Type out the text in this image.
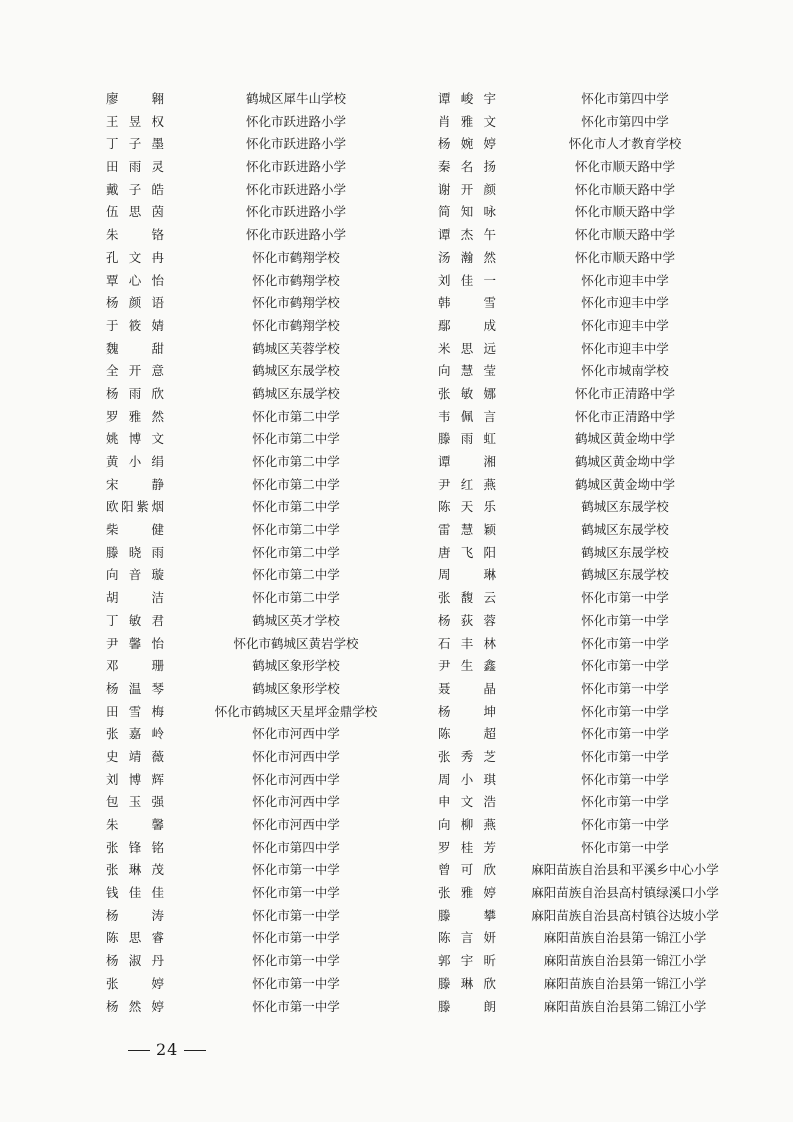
廖翱	鹤城区犀牛山学校
王昱权	怀化市跃进路小学
丁子墨	怀化市跃进路小学
田雨灵	怀化市跃进路小学
戴子皓	怀化市跃进路小学
伍思茵	怀化市跃进路小学
朱铬	怀化市跃进路小学
孔文冉	怀化市鹤翔学校
覃心怡	怀化市鹤翔学校
杨颜语	怀化市鹤翔学校
于筱婧	怀化市鹤翔学校
魏甜	鹤城区芙蓉学校
全开意	鹤城区东晟学校
杨雨欣	鹤城区东晟学校
罗雅然	怀化市第二中学
姚博文	怀化市第二中学
黄小绢	怀化市第二中学
宋静	怀化市第二中学
欧阳紫烟	怀化市第二中学
柴健	怀化市第二中学
滕晓雨	怀化市第二中学
向音璇	怀化市第二中学
胡洁	怀化市第二中学
丁敏君	鹤城区英才学校
尹馨怡	怀化市鹤城区黄岩学校
邓珊	鹤城区象形学校
杨温琴	鹤城区象形学校
田雪梅	怀化市鹤城区天星坪金鼎学校
张嘉岭	怀化市河西中学
史靖薇	怀化市河西中学
刘博辉	怀化市河西中学
包玉强	怀化市河西中学
朱馨	怀化市河西中学
张锋铭	怀化市第四中学
张琳茂	怀化市第一中学
钱佳佳	怀化市第一中学
杨涛	怀化市第一中学
陈思睿	怀化市第一中学
杨淑丹	怀化市第一中学
张婷	怀化市第一中学
杨然婷	怀化市第一中学
谭峻宇	怀化市第四中学
肖雅文	怀化市第四中学
杨婉婷	怀化市人才教育学校
秦名扬	怀化市顺天路中学
谢开颜	怀化市顺天路中学
简知咏	怀化市顺天路中学
谭杰午	怀化市顺天路中学
汤瀚然	怀化市顺天路中学
刘佳一	怀化市迎丰中学
韩雪	怀化市迎丰中学
鄢成	怀化市迎丰中学
米思远	怀化市迎丰中学
向慧莹	怀化市城南学校
张敏娜	怀化市正清路中学
韦佩言	怀化市正清路中学
滕雨虹	鹤城区黄金坳中学
谭湘	鹤城区黄金坳中学
尹红燕	鹤城区黄金坳中学
陈天乐	鹤城区东晟学校
雷慧颖	鹤城区东晟学校
唐飞阳	鹤城区东晟学校
周琳	鹤城区东晟学校
张馥云	怀化市第一中学
杨荻蓉	怀化市第一中学
石丰林	怀化市第一中学
尹生鑫	怀化市第一中学
聂晶	怀化市第一中学
杨坤	怀化市第一中学
陈超	怀化市第一中学
张秀芝	怀化市第一中学
周小琪	怀化市第一中学
申文浩	怀化市第一中学
向柳燕	怀化市第一中学
罗桂芳	怀化市第一中学
曾可欣	麻阳苗族自治县和平溪乡中心小学
张雅婷	麻阳苗族自治县高村镇绿溪口小学
滕攀	麻阳苗族自治县高村镇谷达坡小学
陈言妍	麻阳苗族自治县第一锦江小学
郭宇昕	麻阳苗族自治县第一锦江小学
滕琳欣	麻阳苗族自治县第一锦江小学
滕朗	麻阳苗族自治县第二锦江小学
24
